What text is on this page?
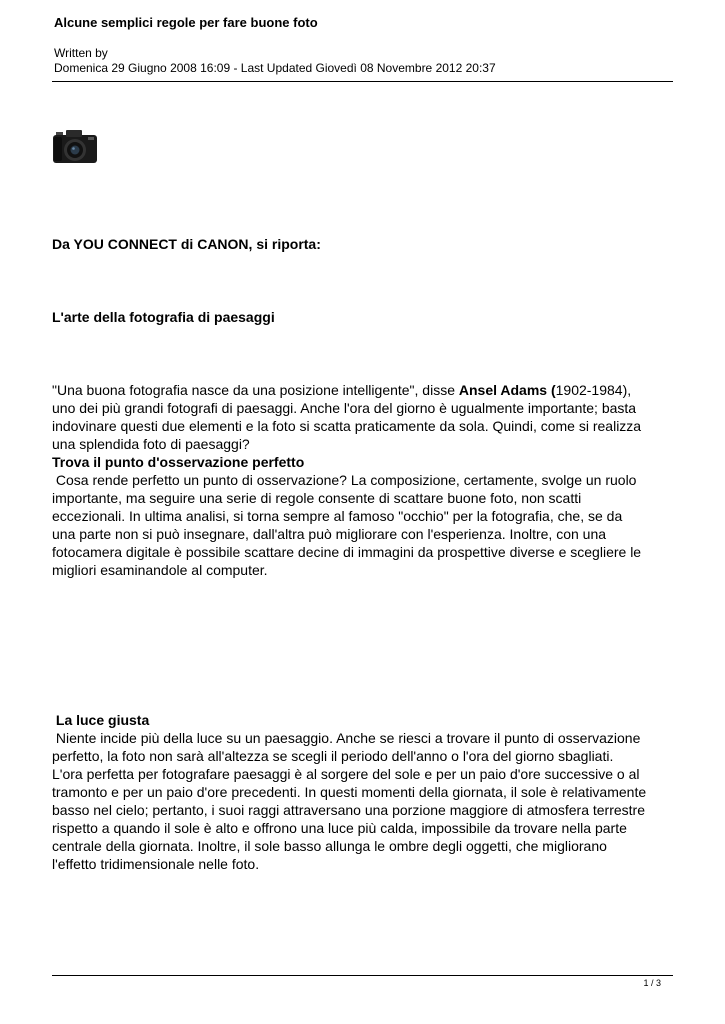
Alcune semplici regole per fare buone foto
Written by
Domenica 29 Giugno 2008 16:09 - Last Updated Giovedì 08 Novembre 2012 20:37
Da YOU CONNECT di CANON, si riporta:
L'arte della fotografia di paesaggi
"Una buona fotografia nasce da una posizione intelligente", disse Ansel Adams (1902-1984),
uno dei più grandi fotografi di paesaggi. Anche l'ora del giorno è ugualmente importante; basta
indovinare questi due elementi e la foto si scatta praticamente da sola. Quindi, come si realizza
una splendida foto di paesaggi?
Trova il punto d'osservazione perfetto
Cosa rende perfetto un punto di osservazione? La composizione, certamente, svolge un ruolo
importante, ma seguire una serie di regole consente di scattare buone foto, non scatti
eccezionali. In ultima analisi, si torna sempre al famoso "occhio" per la fotografia, che, se da
una parte non si può insegnare, dall'altra può migliorare con l'esperienza. Inoltre, con una
fotocamera digitale è possibile scattare decine di immagini da prospettive diverse e scegliere le
migliori esaminandole al computer.
La luce giusta
Niente incide più della luce su un paesaggio. Anche se riesci a trovare il punto di osservazione
perfetto, la foto non sarà all'altezza se scegli il periodo dell'anno o l'ora del giorno sbagliati.
L'ora perfetta per fotografare paesaggi è al sorgere del sole e per un paio d'ore successive o al
tramonto e per un paio d'ore precedenti. In questi momenti della giornata, il sole è relativamente
basso nel cielo; pertanto, i suoi raggi attraversano una porzione maggiore di atmosfera terrestre
rispetto a quando il sole è alto e offrono una luce più calda, impossibile da trovare nella parte
centrale della giornata. Inoltre, il sole basso allunga le ombre degli oggetti, che migliorano
l'effetto tridimensionale nelle foto.
1 / 3
